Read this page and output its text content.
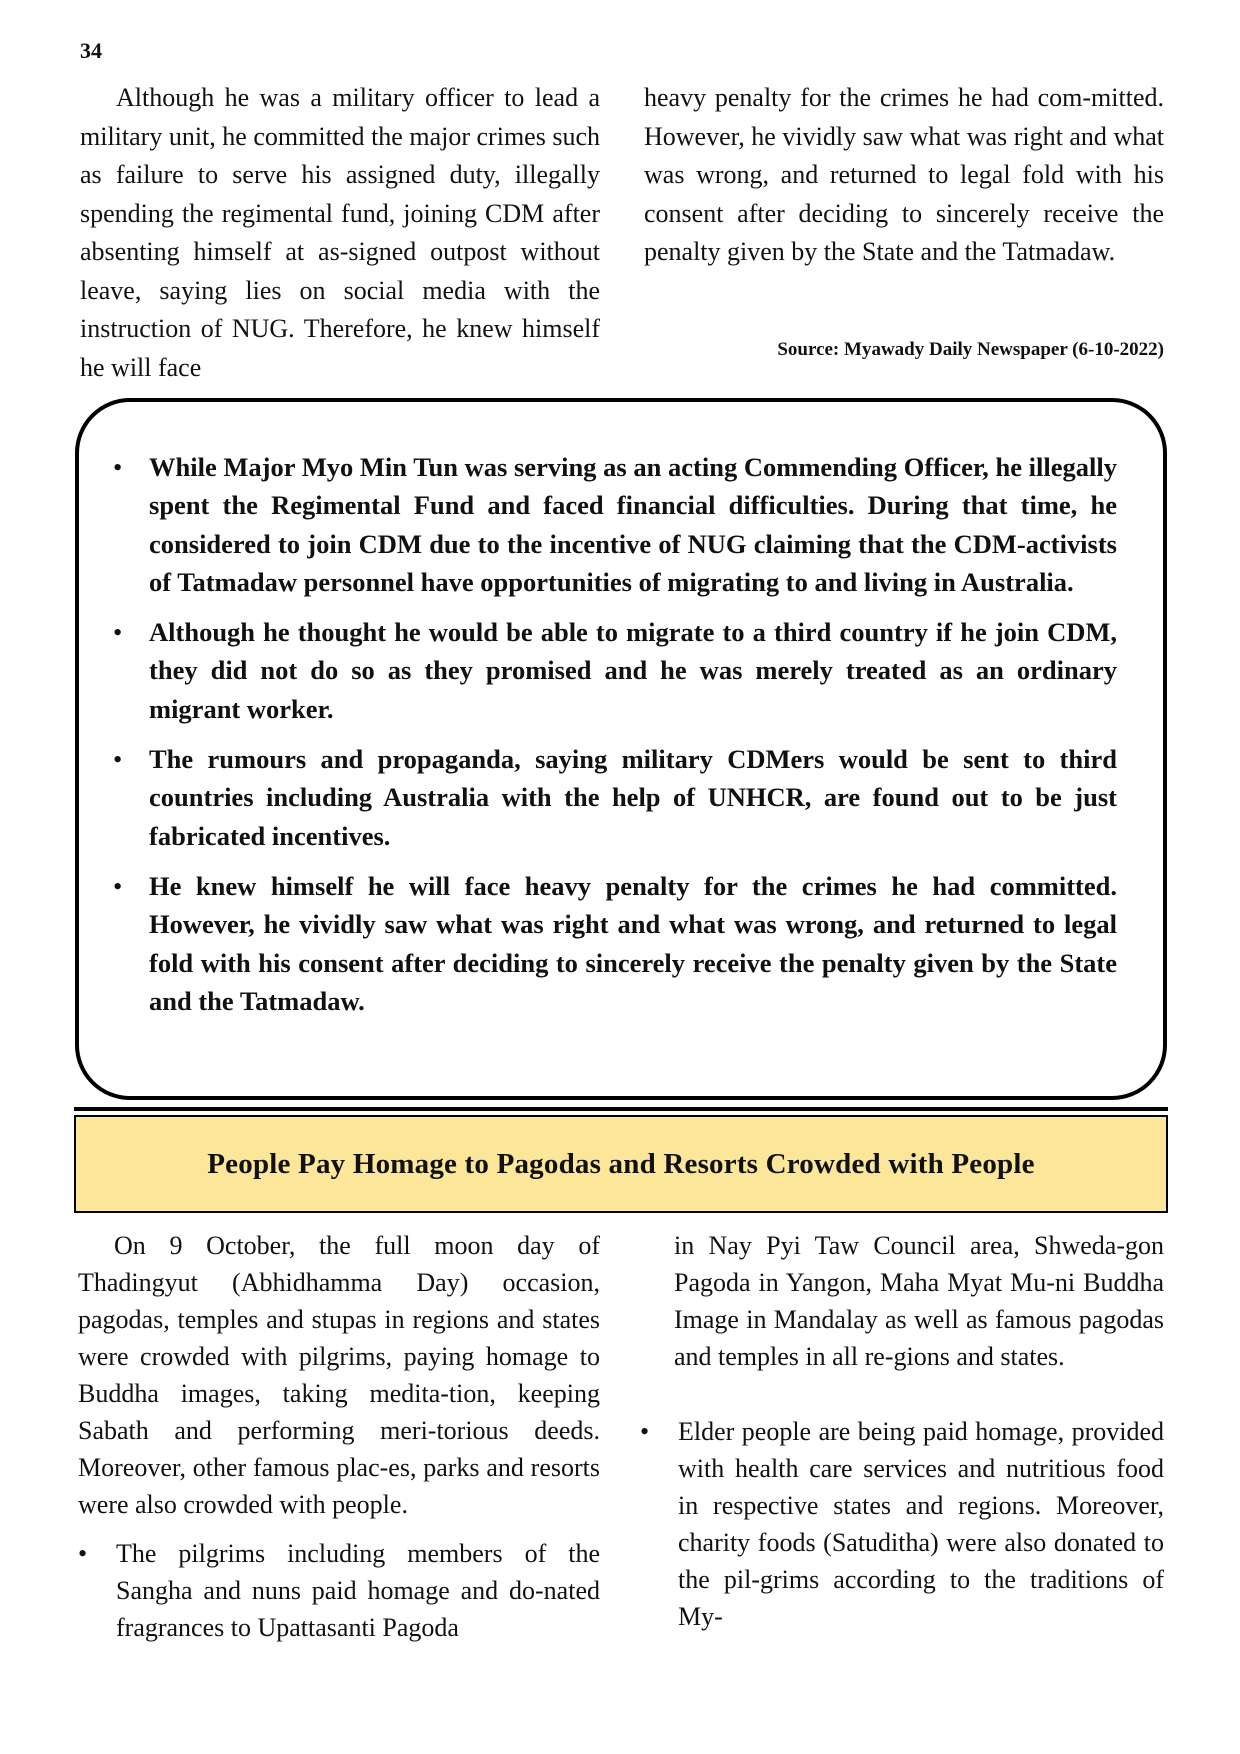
34

Although he was a military officer to lead a military unit, he committed the major crimes such as failure to serve his assigned duty, illegally spending the regimental fund, joining CDM after absenting himself at as-signed outpost without leave, saying lies on social media with the instruction of NUG. Therefore, he knew himself he will face

heavy penalty for the crimes he had com-mitted. However, he vividly saw what was right and what was wrong, and returned to legal fold with his consent after deciding to sincerely receive the penalty given by the State and the Tatmadaw.

Source: Myawady Daily Newspaper (6-10-2022)
• While Major Myo Min Tun was serving as an acting Commending Officer, he illegally spent the Regimental Fund and faced financial difficulties. During that time, he considered to join CDM due to the incentive of NUG claiming that the CDM-activists of Tatmadaw personnel have opportunities of migrating to and living in Australia.
• Although he thought he would be able to migrate to a third country if he join CDM, they did not do so as they promised and he was merely treated as an ordinary migrant worker.
• The rumours and propaganda, saying military CDMers would be sent to third countries including Australia with the help of UNHCR, are found out to be just fabricated incentives.
• He knew himself he will face heavy penalty for the crimes he had committed. However, he vividly saw what was right and what was wrong, and returned to legal fold with his consent after deciding to sincerely receive the penalty given by the State and the Tatmadaw.
People Pay Homage to Pagodas and Resorts Crowded with People

On 9 October, the full moon day of Thadingyut (Abhidhamma Day) occasion, pagodas, temples and stupas in regions and states were crowded with pilgrims, paying homage to Buddha images, taking medita-tion, keeping Sabath and performing meri-torious deeds. Moreover, other famous plac-es, parks and resorts were also crowded with people.

• The pilgrims including members of the Sangha and nuns paid homage and do-nated fragrances to Upattasanti Pagoda

in Nay Pyi Taw Council area, Shweda-gon Pagoda in Yangon, Maha Myat Mu-ni Buddha Image in Mandalay as well as famous pagodas and temples in all re-gions and states.

• Elder people are being paid homage, provided with health care services and nutritious food in respective states and regions. Moreover, charity foods (Satuditha) were also donated to the pil-grims according to the traditions of My-
